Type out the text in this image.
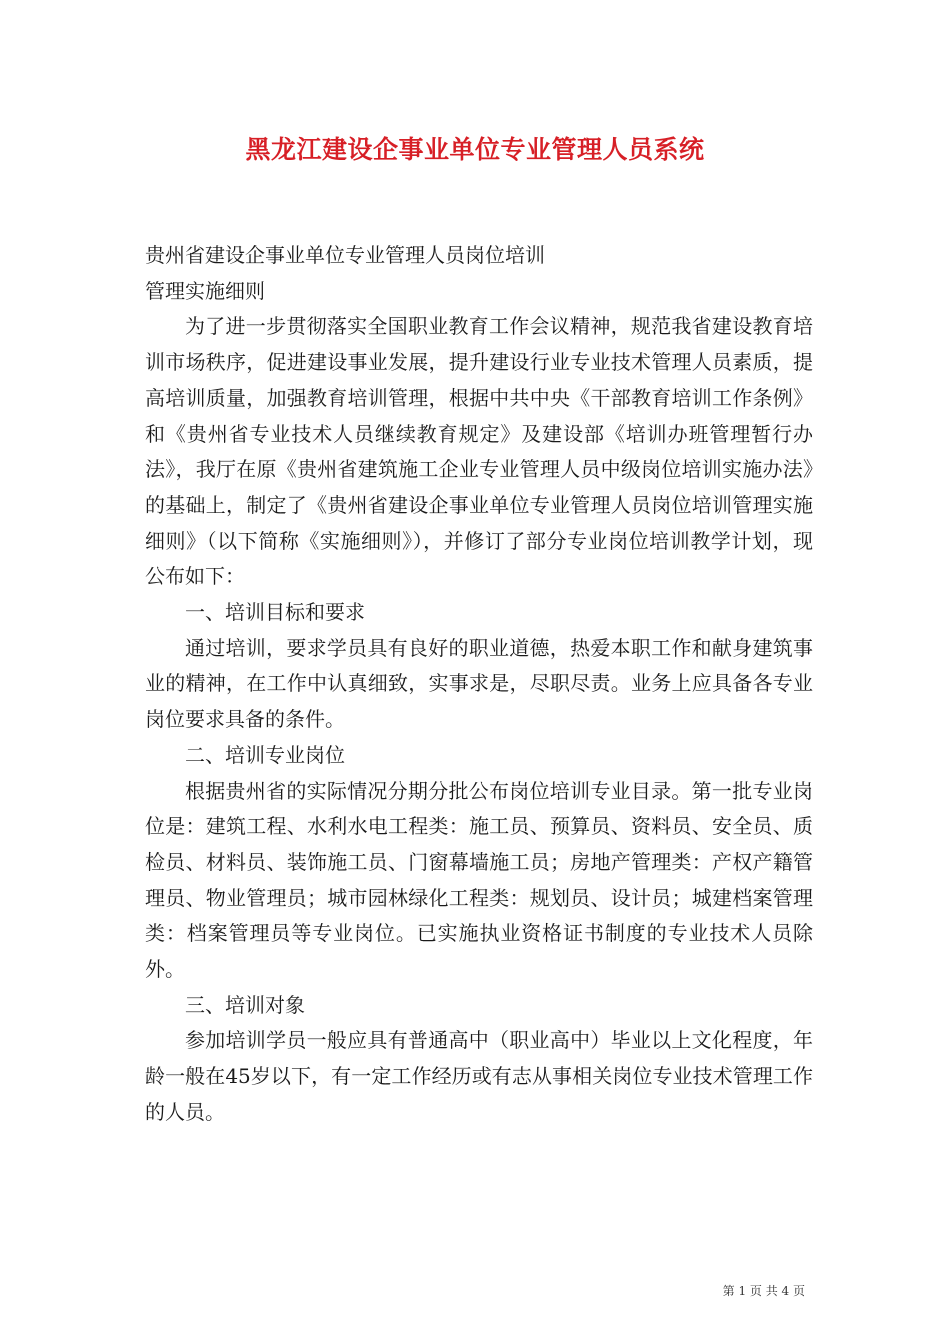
黑龙江建设企事业单位专业管理人员系统

贵州省建设企事业单位专业管理人员岗位培训

管理实施细则

为了进一步贯彻落实全国职业教育工作会议精神，规范我省建设教育培训市场秩序，促进建设事业发展，提升建设行业专业技术管理人员素质，提高培训质量，加强教育培训管理，根据中共中央《干部教育培训工作条例》和《贵州省专业技术人员继续教育规定》及建设部《培训办班管理暂行办法》，我厅在原《贵州省建筑施工企业专业管理人员中级岗位培训实施办法》的基础上，制定了《贵州省建设企事业单位专业管理人员岗位培训管理实施细则》（以下简称《实施细则》），并修订了部分专业岗位培训教学计划，现公布如下：

一、培训目标和要求

通过培训，要求学员具有良好的职业道德，热爱本职工作和献身建筑事业的精神，在工作中认真细致，实事求是，尽职尽责。业务上应具备各专业岗位要求具备的条件。

二、培训专业岗位

根据贵州省的实际情况分期分批公布岗位培训专业目录。第一批专业岗位是：建筑工程、水利水电工程类：施工员、预算员、资料员、安全员、质检员、材料员、装饰施工员、门窗幕墙施工员；房地产管理类：产权产籍管理员、物业管理员；城市园林绿化工程类：规划员、设计员；城建档案管理类：档案管理员等专业岗位。已实施执业资格证书制度的专业技术人员除外。

三、培训对象

参加培训学员一般应具有普通高中（职业高中）毕业以上文化程度，年龄一般在45岁以下，有一定工作经历或有志从事相关岗位专业技术管理工作的人员。

第 1 页 共 4 页
